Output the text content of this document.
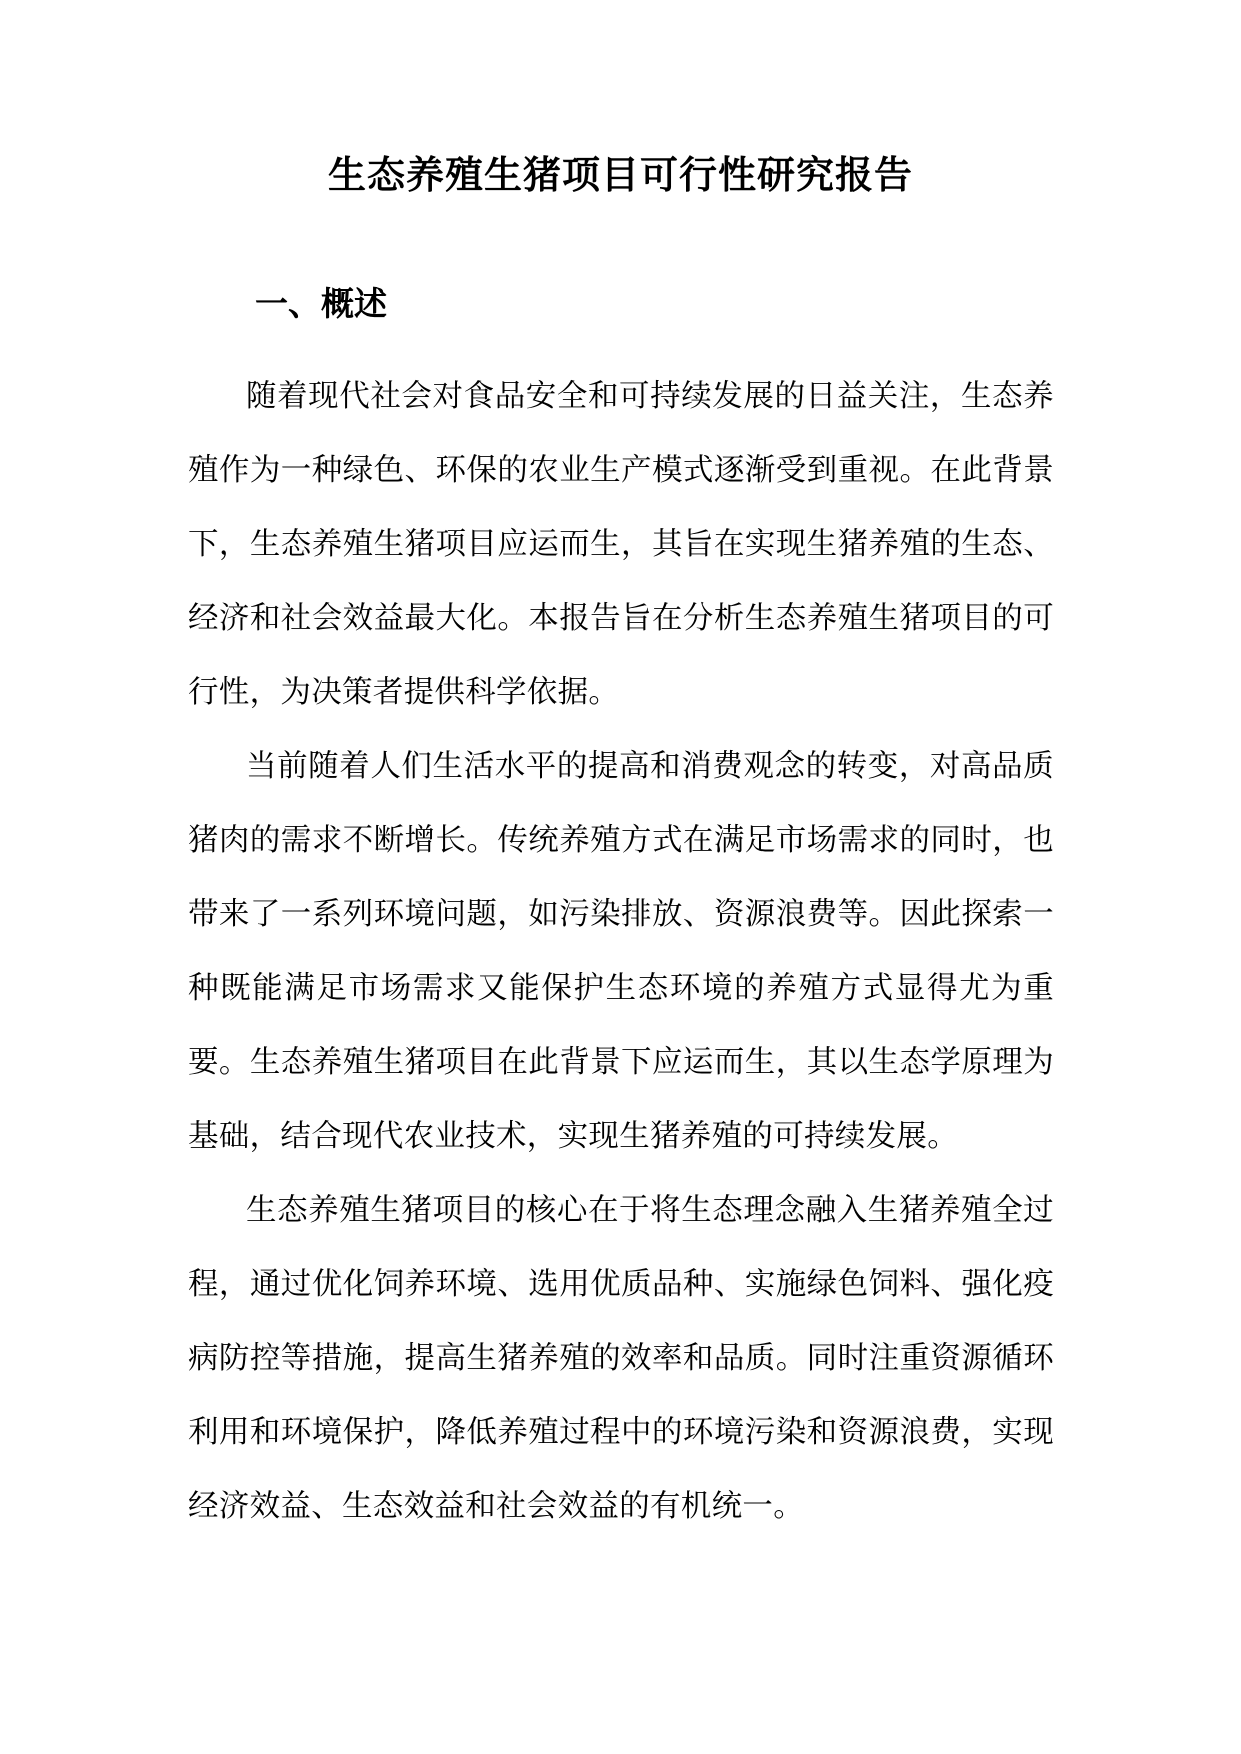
生态养殖生猪项目可行性研究报告
一、概述

随着现代社会对食品安全和可持续发展的日益关注，生态养殖作为一种绿色、环保的农业生产模式逐渐受到重视。在此背景下，生态养殖生猪项目应运而生，其旨在实现生猪养殖的生态、经济和社会效益最大化。本报告旨在分析生态养殖生猪项目的可行性，为决策者提供科学依据。

当前随着人们生活水平的提高和消费观念的转变，对高品质猪肉的需求不断增长。传统养殖方式在满足市场需求的同时，也带来了一系列环境问题，如污染排放、资源浪费等。因此探索一种既能满足市场需求又能保护生态环境的养殖方式显得尤为重要。生态养殖生猪项目在此背景下应运而生，其以生态学原理为基础，结合现代农业技术，实现生猪养殖的可持续发展。

生态养殖生猪项目的核心在于将生态理念融入生猪养殖全过程，通过优化饲养环境、选用优质品种、实施绿色饲料、强化疫病防控等措施，提高生猪养殖的效率和品质。同时注重资源循环利用和环境保护，降低养殖过程中的环境污染和资源浪费，实现经济效益、生态效益和社会效益的有机统一。
